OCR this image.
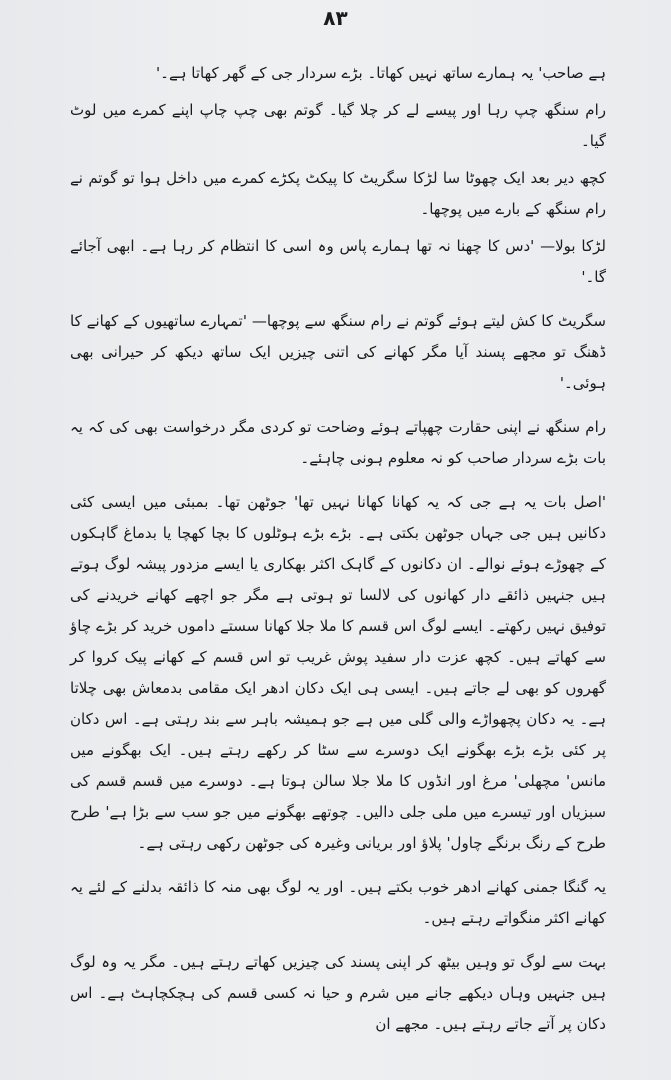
۸۳

ہے صاحب' یہ ہمارے ساتھ نہیں کھاتا۔ بڑے سردار جی کے گھر کھاتا ہے۔'

رام سنگھ چپ رہا اور پیسے لے کر چلا گیا۔ گوتم بھی چپ چاپ اپنے کمرے میں لوٹ گیا۔

کچھ دیر بعد ایک چھوٹا سا لڑکا سگریٹ کا پیکٹ پکڑے کمرے میں داخل ہوا تو گوتم نے رام سنگھ کے بارے میں پوچھا۔

لڑکا بولا— 'دس کا چھنا نہ تھا ہمارے پاس وہ اسی کا انتظام کر رہا ہے۔ ابھی آجائے گا۔'

سگریٹ کا کش لیتے ہوئے گوتم نے رام سنگھ سے پوچھا— 'تمہارے ساتھیوں کے کھانے کا ڈھنگ تو مجھے پسند آیا مگر کھانے کی اتنی چیزیں ایک ساتھ دیکھ کر حیرانی بھی ہوئی۔'

رام سنگھ نے اپنی حقارت چھپاتے ہوئے وضاحت تو کردی مگر درخواست بھی کی کہ یہ بات بڑے سردار صاحب کو نہ معلوم ہونی چاہئے۔

'اصل بات یہ ہے جی کہ یہ کھانا کھانا نہیں تھا' جوٹھن تھا۔ بمبئی میں ایسی کئی دکانیں ہیں جی جہاں جوٹھن بکتی ہے۔ بڑے بڑے ہوٹلوں کا بچا کھچا یا بدماغ گاہکوں کے چھوڑے ہوئے نوالے۔ ان دکانوں کے گاہک اکثر بھکاری یا ایسے مزدور پیشہ لوگ ہوتے ہیں جنہیں ذائقے دار کھانوں کی لالسا تو ہوتی ہے مگر جو اچھے کھانے خریدنے کی توفیق نہیں رکھتے۔ ایسے لوگ اس قسم کا ملا جلا کھانا سستے داموں خرید کر بڑے چاؤ سے کھاتے ہیں۔ کچھ عزت دار سفید پوش غریب تو اس قسم کے کھانے پیک کروا کر گھروں کو بھی لے جاتے ہیں۔ ایسی ہی ایک دکان ادھر ایک مقامی بدمعاش بھی چلاتا ہے۔ یہ دکان پچھواڑے والی گلی میں ہے جو ہمیشہ باہر سے بند رہتی ہے۔ اس دکان پر کئی بڑے بڑے بھگونے ایک دوسرے سے سٹا کر رکھے رہتے ہیں۔ ایک بھگونے میں مانس' مچھلی' مرغ اور انڈوں کا ملا جلا سالن ہوتا ہے۔ دوسرے میں قسم قسم کی سبزیاں اور تیسرے میں ملی جلی دالیں۔ چوتھے بھگونے میں جو سب سے بڑا ہے' طرح طرح کے رنگ برنگے چاول' پلاؤ اور بریانی وغیرہ کی جوٹھن رکھی رہتی ہے۔

یہ گنگا جمنی کھانے ادھر خوب بکتے ہیں۔ اور یہ لوگ بھی منہ کا ذائقہ بدلنے کے لئے یہ کھانے اکثر منگواتے رہتے ہیں۔

بہت سے لوگ تو وہیں بیٹھ کر اپنی پسند کی چیزیں کھاتے رہتے ہیں۔ مگر یہ وہ لوگ ہیں جنہیں وہاں دیکھے جانے میں شرم و حیا نہ کسی قسم کی ہچکچاہٹ ہے۔ اس دکان پر آتے جاتے رہتے ہیں۔ مجھے ان
